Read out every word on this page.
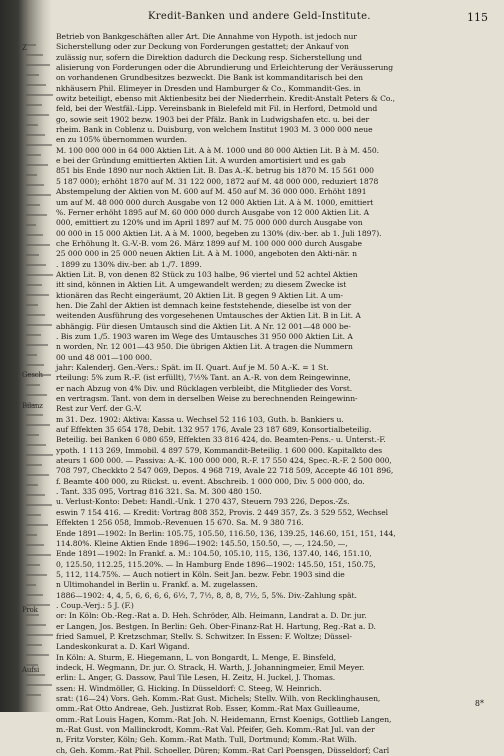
Z
Gesch
Bilanz
Prok
Aufsi
Kredit-Banken und andere Geld-Institute.	115
Betrieb von Bankgeschäften aller Art. Die Annahme von Hypoth. ist jedoch nur
Sicherstellung oder zur Deckung von Forderungen gestattet; der Ankauf von
zulässig nur, sofern die Direktion dadurch die Deckung resp. Sicherstellung und
alisierung von Forderungen oder die Abrundierung und Erleichterung der Veräusserung
on vorhandenen Grundbesitzes bezweckt. Die Bank ist kommanditarisch bei den
nkhäusern Phil. Elimeyer in Dresden und Hamburger & Co., Kommandit-Ges. in
owitz beteiligt, ebenso mit Aktienbesitz bei der Niederrhein. Kredit-Anstalt Peters & Co.,
feld, bei der Westfäl.-Lipp. Vereinsbank in Bielefeld mit Fil. in Herford, Detmold und
go, sowie seit 1902 bezw. 1903 bei der Pfälz. Bank in Ludwigshafen etc. u. bei der
rheim. Bank in Coblenz u. Duisburg, von welchem Institut 1903 M. 3 000 000 neue
en zu 105% übernommen wurden.
M. 100 000 000 in 64 000 Aktien Lit. A à M. 1000 und 80 000 Aktien Lit. B à M. 450.
e bei der Gründung emittierten Aktien Lit. A wurden amortisiert und es gab
851 bis Ende 1890 nur noch Aktien Lit. B. Das A.-K. betrug bis 1870 M. 15 561 000
5 187 000); erhöht 1870 auf M. 31 122 000, 1872 auf M. 48 000 000, reduziert 1878
Abstempelung der Aktien von M. 600 auf M. 450 auf M. 36 000 000. Erhöht 1891
um auf M. 48 000 000 durch Ausgabe von 12 000 Aktien Lit. A à M. 1000, emittiert
%. Ferner erhöht 1895 auf M. 60 000 000 durch Ausgabe von 12 000 Aktien Lit. A
000, emittiert zu 120% und im April 1897 auf M. 75 000 000 durch Ausgabe von
00 000 in 15 000 Aktien Lit. A à M. 1000, begeben zu 130% (div.-ber. ab 1. Juli 1897).
che Erhöhung lt. G.-V.-B. vom 26. März 1899 auf M. 100 000 000 durch Ausgabe
25 000 000 in 25 000 neuen Aktien Lit. A à M. 1000, angeboten den Akti-när. n
. 1899 zu 130% div.-ber. ab 1./7. 1899.
Aktien Lit. B, von denen 82 Stück zu 103 halbe, 96 viertel und 52 achtel Aktien
itt sind, können in Aktien Lit. A umgewandelt werden; zu diesem Zwecke ist
ktionären das Recht eingeräumt, 20 Aktien Lit. B gegen 9 Aktien Lit. A um-
hen. Die Zahl der Aktien ist demnach keine feststehende, dieselbe ist von der
weitenden Ausführung des vorgesehenen Umtausches der Aktien Lit. B in Lit. A
abhängig. Für diesen Umtausch sind die Aktien Lit. A Nr. 12 001—48 000 be-
. Bis zum 1./5. 1903 waren im Wege des Umtausches 31 950 000 Aktien Lit. A
n worden, Nr. 12 001—43 950. Die übrigen Aktien Lit. A tragen die Nummern
00 und 48 001—100 000.
jahr: Kalenderj. Gen.-Vers.: Spät. im II. Quart. Auf je M. 50 A.-K. = 1 St.
rteilung: 5% zum R.-F. (ist erfüllt), 7½% Tant. an A.-R. von dem Reingewinne,
er nach Abzug von 4% Div. und Rücklagen verbleibt, die Mitglieder des Vorst.
en vertragsm. Tant. von dem in derselben Weise zu berechnenden Reingewinn-
Rest zur Verf. der G.-V.
m 31. Dez. 1902: Aktiva: Kassa u. Wechsel 52 116 103, Guth. b. Bankiers u.
auf Effekten 35 654 178, Debit. 132 957 176, Avale 23 187 689, Konsortialbeteilig.
Beteilig. bei Banken 6 080 659, Effekten 33 816 424, do. Beamten-Pens.- u. Unterst.-F.
ypoth. 1 113 269, Immobil. 4 897 579, Kommandit-Beteilig. 1 600 000. Kapitalkto des
ateurs 1 600 000. — Passiva: A.-K. 100 000 000, R.-F. 17 550 424, Spec.-R.-F. 2 500 000,
708 797, Checkkto 2 547 069, Depos. 4 968 719, Avale 22 718 509, Accepte 46 101 896,
f. Beamte 400 000, zu Rückst. u. event. Abschreib. 1 000 000, Div. 5 000 000, do.
. Tant. 335 095, Vortrag 816 321. Sa. M. 300 480 150.
u. Verlust-Konto: Debet: Handl.-Unk. 1 270 437, Steuern 793 226, Depos.-Zs.
eswin 7 154 416. — Kredit: Vortrag 808 352, Provis. 2 449 357, Zs. 3 529 552, Wechsel
Effekten 1 256 058, Immob.-Revenuen 15 670. Sa. M. 9 380 716.
Ende 1891—1902: In Berlin: 105.75, 105.50, 116.50, 136, 139.25, 146.60, 151, 151, 144,
114.80%. Kleine Aktien Ende 1896—1902: 145.50, 150.50, —, —, 124.50, —,
Ende 1891—1902: In Frankf. a. M.: 104.50, 105.10, 115, 136, 137.40, 146, 151.10,
0, 125.50, 112.25, 115.20%. — In Hamburg Ende 1896—1902: 145.50, 151, 150.75,
5, 112, 114.75%. — Auch notiert in Köln. Seit Jan. bezw. Febr. 1903 sind die
n Ultimohandel in Berlin u. Frankf. a. M. zugelassen.
1886—1902: 4, 4, 5, 6, 6, 6, 6, 6½, 7, 7½, 8, 8, 8, 7½, 5, 5%. Div.-Zahlung spät.
. Coup.-Verj.: 5 J. (F.)
or: In Köln: Ob.-Reg.-Rat a. D. Heh. Schröder, Alb. Heimann, Landrat a. D. Dr. jur.
er Langen, Jos. Bestgen. In Berlin: Geh. Ober-Finanz-Rat H. Hartung, Reg.-Rat a. D.
fried Samuel, P. Kretzschmar, Stellv. S. Schwitzer. In Essen: F. Woltze; Düssel-
Landeskonkurat a. D. Karl Wigand.
In Köln: A. Sturm, E. Hiegemann, L. von Bongardt, L. Menge, E. Binsfeld,
indeck, H. Wegmann, Dr. jur. O. Strack, H. Warth, J. Johanningmeier, Emil Meyer.
erlin: L. Anger, G. Dassow, Paul Tile Lesen, H. Zeitz, H. Juckel, J. Thomas.
ssen: H. Windmöller, G. Hicking. In Düsseldorf: C. Steeg, W. Heinrich.
srat: (16—24) Vors. Geh. Komm.-Rat Gust. Michels; Stellv. Wilh. von Recklinghausen,
omm.-Rat Otto Andreae, Geh. Justizrat Rob. Esser, Komm.-Rat Max Guilleaume,
omm.-Rat Louis Hagen, Komm.-Rat Joh. N. Heidemann, Ernst Koenigs, Gottlieb Langen,
m.-Rat Gust. von Mallinckrodt, Komm.-Rat Val. Pfeifer, Geh. Komm.-Rat Jul. van der
n, Fritz Vorster, Köln; Geh. Komm.-Rat Math. Tull, Dortmund; Komm.-Rat Wilh.
ch, Geh. Komm.-Rat Phil. Schoeller, Düren; Komm.-Rat Carl Poensgen, Düsseldorf; Carl
8*
